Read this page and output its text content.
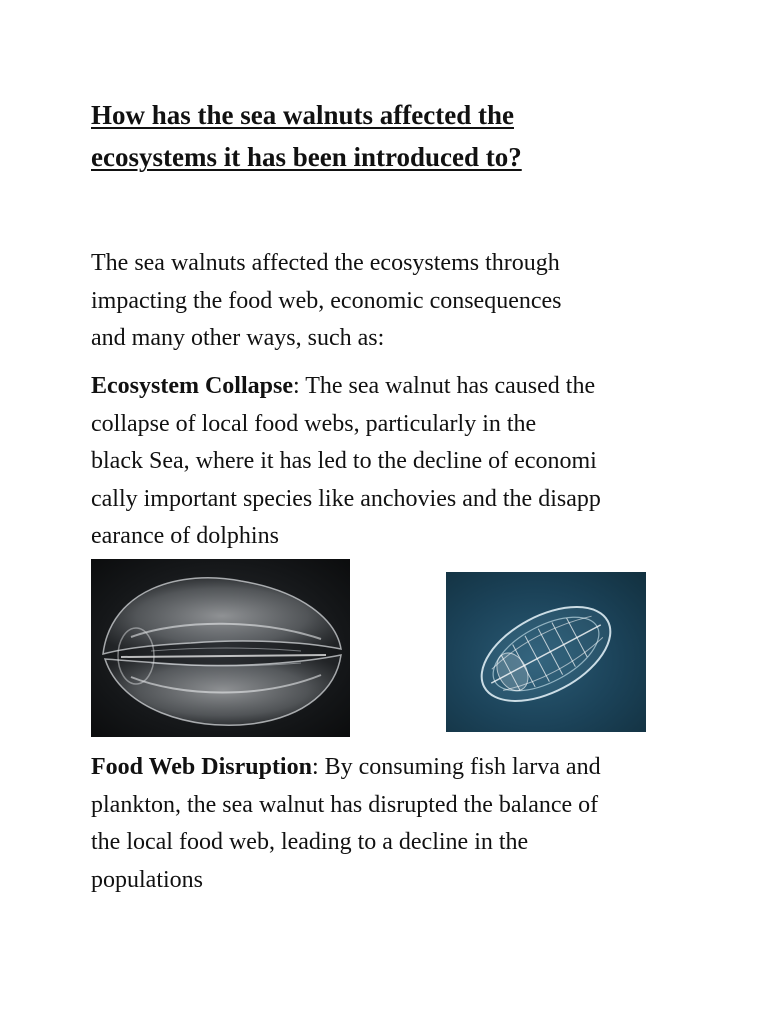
How has the sea walnuts affected the
ecosystems it has been introduced to?

The sea walnuts affected the ecosystems through
impacting the food web, economic consequences
and many other ways, such as:

Ecosystem Collapse: The sea walnut has caused the
collapse of local food webs, particularly in the
black Sea, where it has led to the decline of economi
cally important species like anchovies and the disapp
earance of dolphins

Food Web Disruption: By consuming fish larva and
plankton, the sea walnut has disrupted the balance of
the local food web, leading to a decline in the
populations
